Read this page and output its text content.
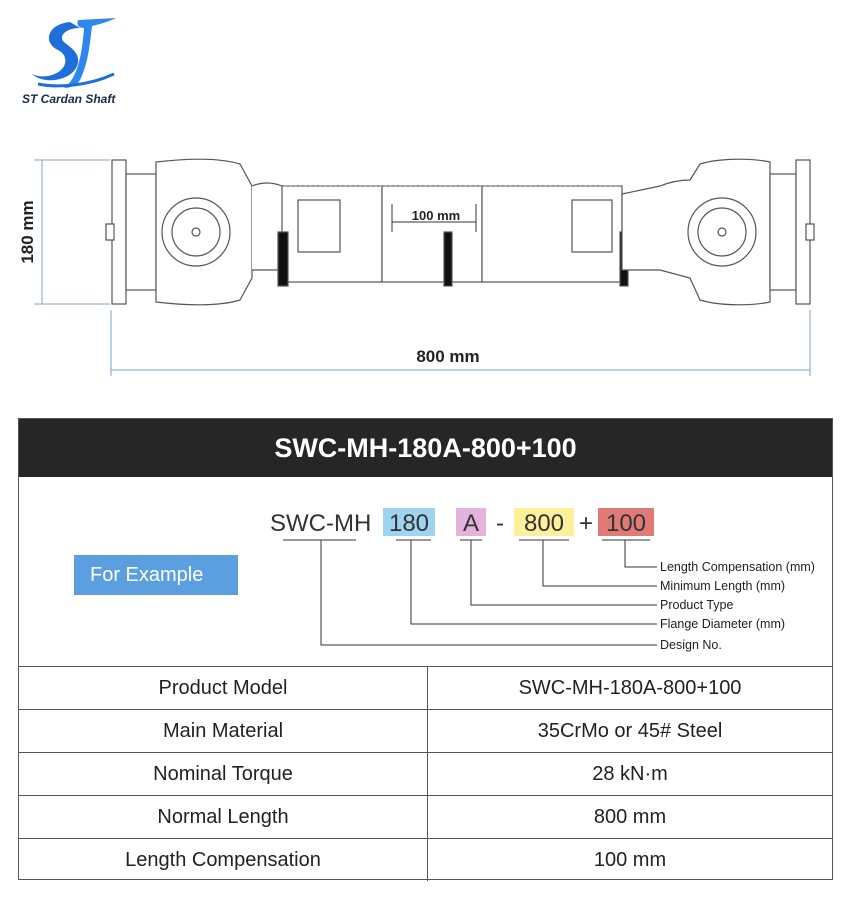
ST Cardan Shaft
180 mm
800 mm
100 mm
SWC-MH-180A-800+100
For Example
SWC-MH 180 A - 800 + 100
Length Compensation (mm)
Minimum Length (mm)
Product Type
Flange Diameter (mm)
Design No.
Product Model	SWC-MH-180A-800+100
Main Material	35CrMo or 45# Steel
Nominal Torque	28 kN·m
Normal Length	800 mm
Length Compensation	100 mm
